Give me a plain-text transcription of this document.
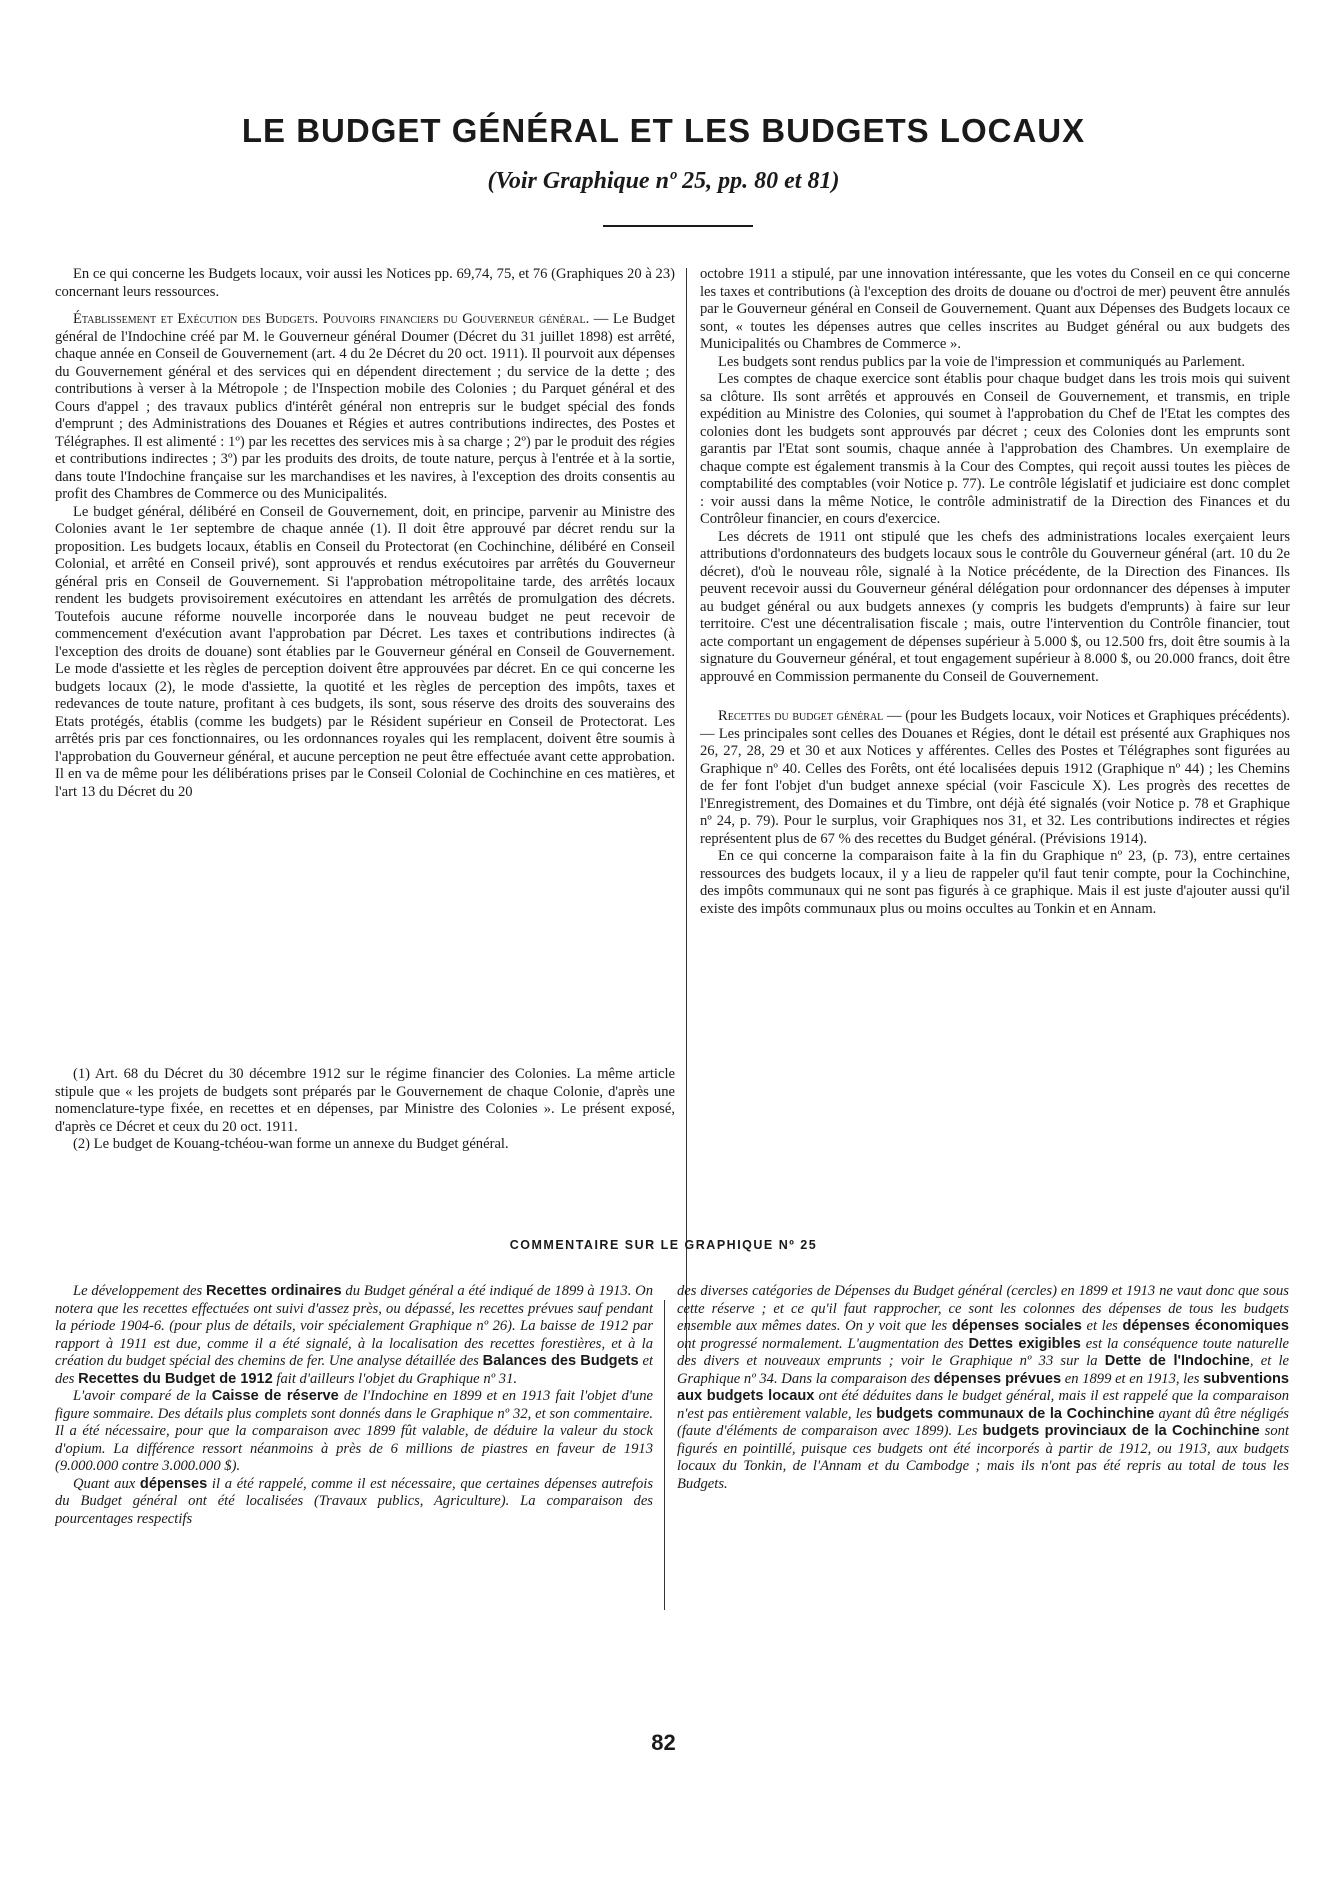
LE BUDGET GÉNÉRAL ET LES BUDGETS LOCAUX

(Voir Graphique nº 25, pp. 80 et 81)

En ce qui concerne les Budgets locaux, voir aussi les Notices pp. 69,74, 75, et 76 (Graphiques 20 à 23) concernant leurs ressources.

Établissement et Exécution des Budgets. Pouvoirs financiers du Gouverneur général. — Le Budget général de l'Indochine créé par M. le Gouverneur général Doumer (Décret du 31 juillet 1898) est arrêté, chaque année en Conseil de Gouvernement (art. 4 du 2e Décret du 20 oct. 1911). Il pourvoit aux dépenses du Gouvernement général et des services qui en dépendent directement ; du service de la dette ; des contributions à verser à la Métropole ; de l'Inspection mobile des Colonies ; du Parquet général et des Cours d'appel ; des travaux publics d'intérêt général non entrepris sur le budget spécial des fonds d'emprunt ; des Administrations des Douanes et Régies et autres contributions indirectes, des Postes et Télégraphes. Il est alimenté : 1º) par les recettes des services mis à sa charge ; 2º) par le produit des régies et contributions indirectes ; 3º) par les produits des droits, de toute nature, perçus à l'entrée et à la sortie, dans toute l'Indochine française sur les marchandises et les navires, à l'exception des droits consentis au profit des Chambres de Commerce ou des Municipalités.

Le budget général, délibéré en Conseil de Gouvernement, doit, en principe, parvenir au Ministre des Colonies avant le 1er septembre de chaque année (1). Il doit être approuvé par décret rendu sur la proposition. Les budgets locaux, établis en Conseil du Protectorat (en Cochinchine, délibéré en Conseil Colonial, et arrêté en Conseil privé), sont approuvés et rendus exécutoires par arrêtés du Gouverneur général pris en Conseil de Gouvernement. Si l'approbation métropolitaine tarde, des arrêtés locaux rendent les budgets provisoirement exécutoires en attendant les arrêtés de promulgation des décrets. Toutefois aucune réforme nouvelle incorporée dans le nouveau budget ne peut recevoir de commencement d'exécution avant l'approbation par Décret. Les taxes et contributions indirectes (à l'exception des droits de douane) sont établies par le Gouverneur général en Conseil de Gouvernement. Le mode d'assiette et les règles de perception doivent être approuvées par décret. En ce qui concerne les budgets locaux (2), le mode d'assiette, la quotité et les règles de perception des impôts, taxes et redevances de toute nature, profitant à ces budgets, ils sont, sous réserve des droits des souverains des Etats protégés, établis (comme les budgets) par le Résident supérieur en Conseil de Protectorat. Les arrêtés pris par ces fonctionnaires, ou les ordonnances royales qui les remplacent, doivent être soumis à l'approbation du Gouverneur général, et aucune perception ne peut être effectuée avant cette approbation. Il en va de même pour les délibérations prises par le Conseil Colonial de Cochinchine en ces matières, et l'art 13 du Décret du 20

(1) Art. 68 du Décret du 30 décembre 1912 sur le régime financier des Colonies. La même article stipule que « les projets de budgets sont préparés par le Gouvernement de chaque Colonie, d'après une nomenclature-type fixée, en recettes et en dépenses, par Ministre des Colonies ». Le présent exposé, d'après ce Décret et ceux du 20 oct. 1911.

(2) Le budget de Kouang-tchéou-wan forme un annexe du Budget général.

octobre 1911 a stipulé, par une innovation intéressante, que les votes du Conseil en ce qui concerne les taxes et contributions (à l'exception des droits de douane ou d'octroi de mer) peuvent être annulés par le Gouverneur général en Conseil de Gouvernement. Quant aux Dépenses des Budgets locaux ce sont, « toutes les dépenses autres que celles inscrites au Budget général ou aux budgets des Municipalités ou Chambres de Commerce ».

Les budgets sont rendus publics par la voie de l'impression et communiqués au Parlement.

Les comptes de chaque exercice sont établis pour chaque budget dans les trois mois qui suivent sa clôture. Ils sont arrêtés et approuvés en Conseil de Gouvernement, et transmis, en triple expédition au Ministre des Colonies, qui soumet à l'approbation du Chef de l'Etat les comptes des colonies dont les budgets sont approuvés par décret ; ceux des Colonies dont les emprunts sont garantis par l'Etat sont soumis, chaque année à l'approbation des Chambres. Un exemplaire de chaque compte est également transmis à la Cour des Comptes, qui reçoit aussi toutes les pièces de comptabilité des comptables (voir Notice p. 77). Le contrôle législatif et judiciaire est donc complet : voir aussi dans la même Notice, le contrôle administratif de la Direction des Finances et du Contrôleur financier, en cours d'exercice.

Les décrets de 1911 ont stipulé que les chefs des administrations locales exerçaient leurs attributions d'ordonnateurs des budgets locaux sous le contrôle du Gouverneur général (art. 10 du 2e décret), d'où le nouveau rôle, signalé à la Notice précédente, de la Direction des Finances. Ils peuvent recevoir aussi du Gouverneur général délégation pour ordonnancer des dépenses à imputer au budget général ou aux budgets annexes (y compris les budgets d'emprunts) à faire sur leur territoire. C'est une décentralisation fiscale ; mais, outre l'intervention du Contrôle financier, tout acte comportant un engagement de dépenses supérieur à 5.000 $, ou 12.500 frs, doit être soumis à la signature du Gouverneur général, et tout engagement supérieur à 8.000 $, ou 20.000 francs, doit être approuvé en Commission permanente du Conseil de Gouvernement.

Recettes du budget général — (pour les Budgets locaux, voir Notices et Graphiques précédents). — Les principales sont celles des Douanes et Régies, dont le détail est présenté aux Graphiques nos 26, 27, 28, 29 et 30 et aux Notices y afférentes. Celles des Postes et Télégraphes sont figurées au Graphique nº 40. Celles des Forêts, ont été localisées depuis 1912 (Graphique nº 44) ; les Chemins de fer font l'objet d'un budget annexe spécial (voir Fascicule X). Les progrès des recettes de l'Enregistrement, des Domaines et du Timbre, ont déjà été signalés (voir Notice p. 78 et Graphique nº 24, p. 79). Pour le surplus, voir Graphiques nos 31, et 32. Les contributions indirectes et régies représentent plus de 67 % des recettes du Budget général. (Prévisions 1914).

En ce qui concerne la comparaison faite à la fin du Graphique nº 23, (p. 73), entre certaines ressources des budgets locaux, il y a lieu de rappeler qu'il faut tenir compte, pour la Cochinchine, des impôts communaux qui ne sont pas figurés à ce graphique. Mais il est juste d'ajouter aussi qu'il existe des impôts communaux plus ou moins occultes au Tonkin et en Annam.

COMMENTAIRE SUR LE GRAPHIQUE Nº 25

Le développement des Recettes ordinaires du Budget général a été indiqué de 1899 à 1913. On notera que les recettes effectuées ont suivi d'assez près, ou dépassé, les recettes prévues sauf pendant la période 1904-6. (pour plus de détails, voir spécialement Graphique nº 26). La baisse de 1912 par rapport à 1911 est due, comme il a été signalé, à la localisation des recettes forestières, et à la création du budget spécial des chemins de fer. Une analyse détaillée des Balances des Budgets et des Recettes du Budget de 1912 fait d'ailleurs l'objet du Graphique nº 31.

L'avoir comparé de la Caisse de réserve de l'Indochine en 1899 et en 1913 fait l'objet d'une figure sommaire. Des détails plus complets sont donnés dans le Graphique nº 32, et son commentaire. Il a été nécessaire, pour que la comparaison avec 1899 fût valable, de déduire la valeur du stock d'opium. La différence ressort néanmoins à près de 6 millions de piastres en faveur de 1913 (9.000.000 contre 3.000.000 $).

Quant aux dépenses il a été rappelé, comme il est nécessaire, que certaines dépenses autrefois du Budget général ont été localisées (Travaux publics, Agriculture). La comparaison des pourcentages respectifs

des diverses catégories de Dépenses du Budget général (cercles) en 1899 et 1913 ne vaut donc que sous cette réserve ; et ce qu'il faut rapprocher, ce sont les colonnes des dépenses de tous les budgets ensemble aux mêmes dates. On y voit que les dépenses sociales et les dépenses économiques ont progressé normalement. L'augmentation des Dettes exigibles est la conséquence toute naturelle des divers et nouveaux emprunts ; voir le Graphique nº 33 sur la Dette de l'Indochine, et le Graphique nº 34. Dans la comparaison des dépenses prévues en 1899 et en 1913, les subventions aux budgets locaux ont été déduites dans le budget général, mais il est rappelé que la comparaison n'est pas entièrement valable, les budgets communaux de la Cochinchine ayant dû être négligés (faute d'éléments de comparaison avec 1899). Les budgets provinciaux de la Cochinchine sont figurés en pointillé, puisque ces budgets ont été incorporés à partir de 1912, ou 1913, aux budgets locaux du Tonkin, de l'Annam et du Cambodge ; mais ils n'ont pas été repris au total de tous les Budgets.

82
